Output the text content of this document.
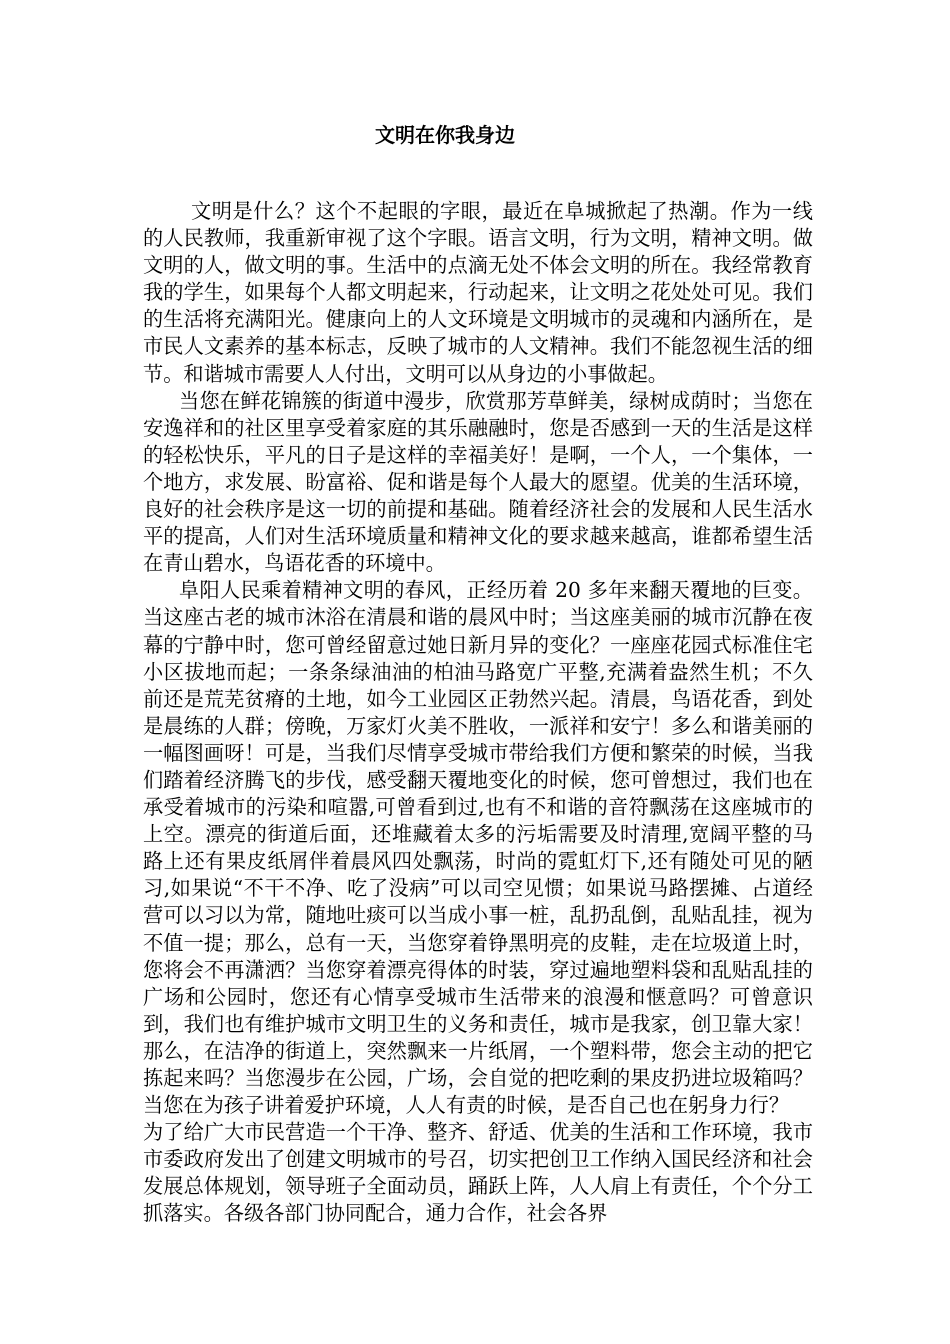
文明在你我身边

文明是什么？这个不起眼的字眼，最近在阜城掀起了热潮。作为一线的人民教师，我重新审视了这个字眼。语言文明，行为文明，精神文明。做文明的人，做文明的事。生活中的点滴无处不体会文明的所在。我经常教育我的学生，如果每个人都文明起来，行动起来，让文明之花处处可见。我们的生活将充满阳光。健康向上的人文环境是文明城市的灵魂和内涵所在，是市民人文素养的基本标志，反映了城市的人文精神。我们不能忽视生活的细节。和谐城市需要人人付出，文明可以从身边的小事做起。

当您在鲜花锦簇的街道中漫步，欣赏那芳草鲜美，绿树成荫时；当您在安逸祥和的社区里享受着家庭的其乐融融时，您是否感到一天的生活是这样的轻松快乐，平凡的日子是这样的幸福美好！是啊，一个人，一个集体，一个地方，求发展、盼富裕、促和谐是每个人最大的愿望。优美的生活环境，良好的社会秩序是这一切的前提和基础。随着经济社会的发展和人民生活水平的提高，人们对生活环境质量和精神文化的要求越来越高，谁都希望生活在青山碧水，鸟语花香的环境中。

阜阳人民乘着精神文明的春风，正经历着 20 多年来翻天覆地的巨变。当这座古老的城市沐浴在清晨和谐的晨风中时；当这座美丽的城市沉静在夜幕的宁静中时，您可曾经留意过她日新月异的变化？一座座花园式标准住宅小区拔地而起；一条条绿油油的柏油马路宽广平整,充满着盎然生机；不久前还是荒芜贫瘠的土地，如今工业园区正勃然兴起。清晨，鸟语花香，到处是晨练的人群；傍晚，万家灯火美不胜收，一派祥和安宁！多么和谐美丽的一幅图画呀！可是，当我们尽情享受城市带给我们方便和繁荣的时候，当我们踏着经济腾飞的步伐，感受翻天覆地变化的时候，您可曾想过，我们也在承受着城市的污染和喧嚣,可曾看到过,也有不和谐的音符飘荡在这座城市的上空。漂亮的街道后面，还堆藏着太多的污垢需要及时清理,宽阔平整的马路上还有果皮纸屑伴着晨风四处飘荡，时尚的霓虹灯下,还有随处可见的陋习,如果说“不干不净、吃了没病”可以司空见惯；如果说马路摆摊、占道经营可以习以为常，随地吐痰可以当成小事一桩，乱扔乱倒，乱贴乱挂，视为不值一提；那么，总有一天，当您穿着铮黑明亮的皮鞋，走在垃圾道上时，您将会不再潇洒？当您穿着漂亮得体的时装，穿过遍地塑料袋和乱贴乱挂的广场和公园时，您还有心情享受城市生活带来的浪漫和惬意吗？可曾意识到，我们也有维护城市文明卫生的义务和责任，城市是我家，创卫靠大家！那么，在洁净的街道上，突然飘来一片纸屑，一个塑料带，您会主动的把它拣起来吗？当您漫步在公园，广场，会自觉的把吃剩的果皮扔进垃圾箱吗？当您在为孩子讲着爱护环境，人人有责的时候，是否自己也在躬身力行？

为了给广大市民营造一个干净、整齐、舒适、优美的生活和工作环境，我市市委政府发出了创建文明城市的号召，切实把创卫工作纳入国民经济和社会发展总体规划，领导班子全面动员，踊跃上阵，人人肩上有责任，个个分工抓落实。各级各部门协同配合，通力合作，社会各界
